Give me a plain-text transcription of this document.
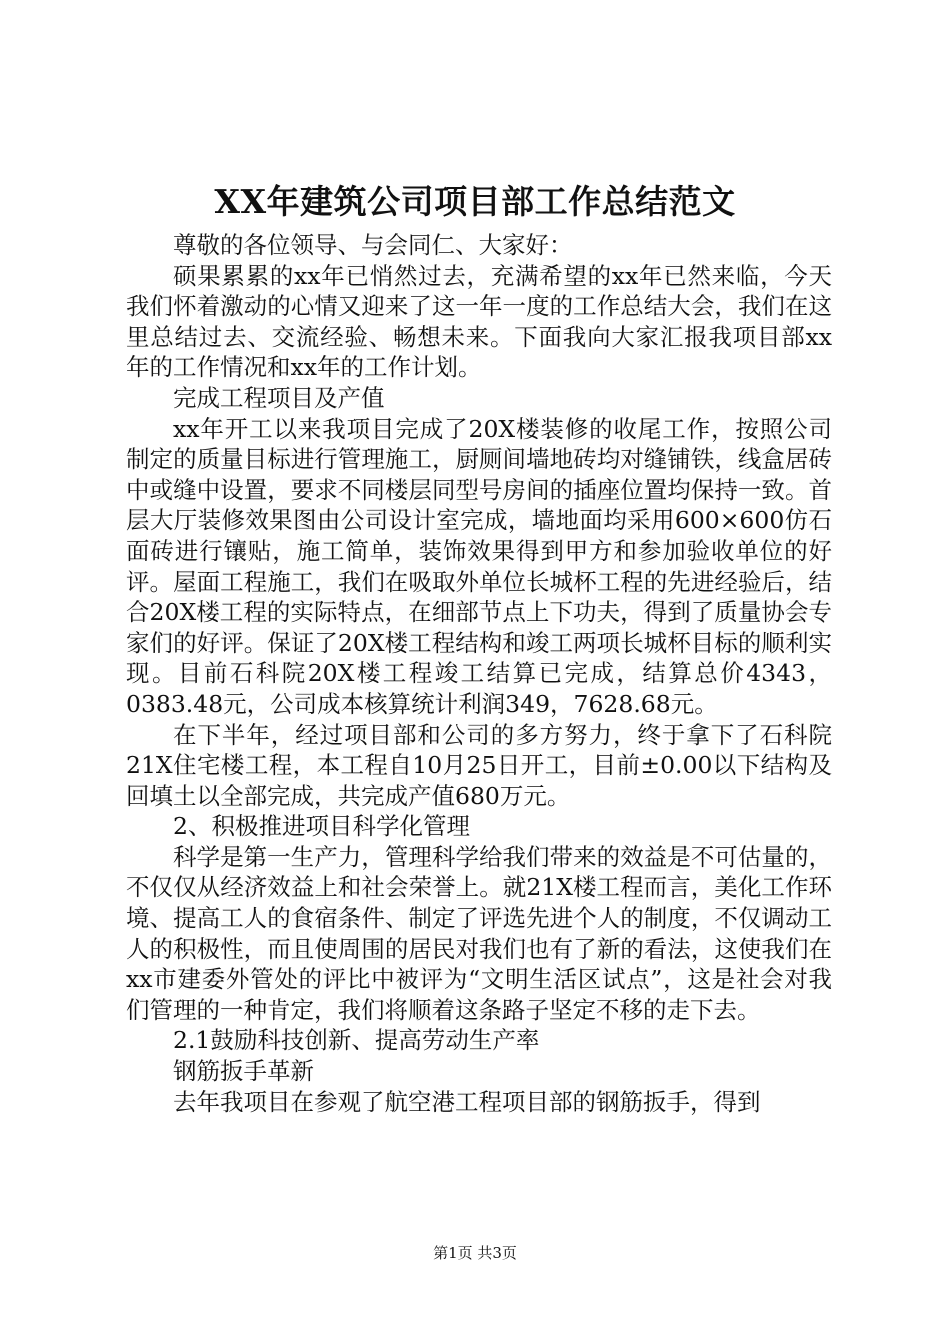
XX年建筑公司项目部工作总结范文

尊敬的各位领导、与会同仁、大家好：

硕果累累的xx年已悄然过去，充满希望的xx年已然来临，今天我们怀着激动的心情又迎来了这一年一度的工作总结大会，我们在这里总结过去、交流经验、畅想未来。下面我向大家汇报我项目部xx年的工作情况和xx年的工作计划。

完成工程项目及产值

xx年开工以来我项目完成了20X楼装修的收尾工作，按照公司制定的质量目标进行管理施工，厨厕间墙地砖均对缝铺铁，线盒居砖中或缝中设置，要求不同楼层同型号房间的插座位置均保持一致。首层大厅装修效果图由公司设计室完成，墙地面均采用600×600仿石面砖进行镶贴，施工简单，装饰效果得到甲方和参加验收单位的好评。屋面工程施工，我们在吸取外单位长城杯工程的先进经验后，结合20X楼工程的实际特点，在细部节点上下功夫，得到了质量协会专家们的好评。保证了20X楼工程结构和竣工两项长城杯目标的顺利实现。目前石科院20X楼工程竣工结算已完成，结算总价4343，0383.48元，公司成本核算统计利润349，7628.68元。

在下半年，经过项目部和公司的多方努力，终于拿下了石科院21X住宅楼工程，本工程自10月25日开工，目前±0.00以下结构及回填土以全部完成，共完成产值680万元。

2、积极推进项目科学化管理

科学是第一生产力，管理科学给我们带来的效益是不可估量的，不仅仅从经济效益上和社会荣誉上。就21X楼工程而言，美化工作环境、提高工人的食宿条件、制定了评选先进个人的制度，不仅调动工人的积极性，而且使周围的居民对我们也有了新的看法，这使我们在xx市建委外管处的评比中被评为“文明生活区试点”，这是社会对我们管理的一种肯定，我们将顺着这条路子坚定不移的走下去。

2.1鼓励科技创新、提高劳动生产率

钢筋扳手革新

去年我项目在参观了航空港工程项目部的钢筋扳手，得到

第1页 共3页
